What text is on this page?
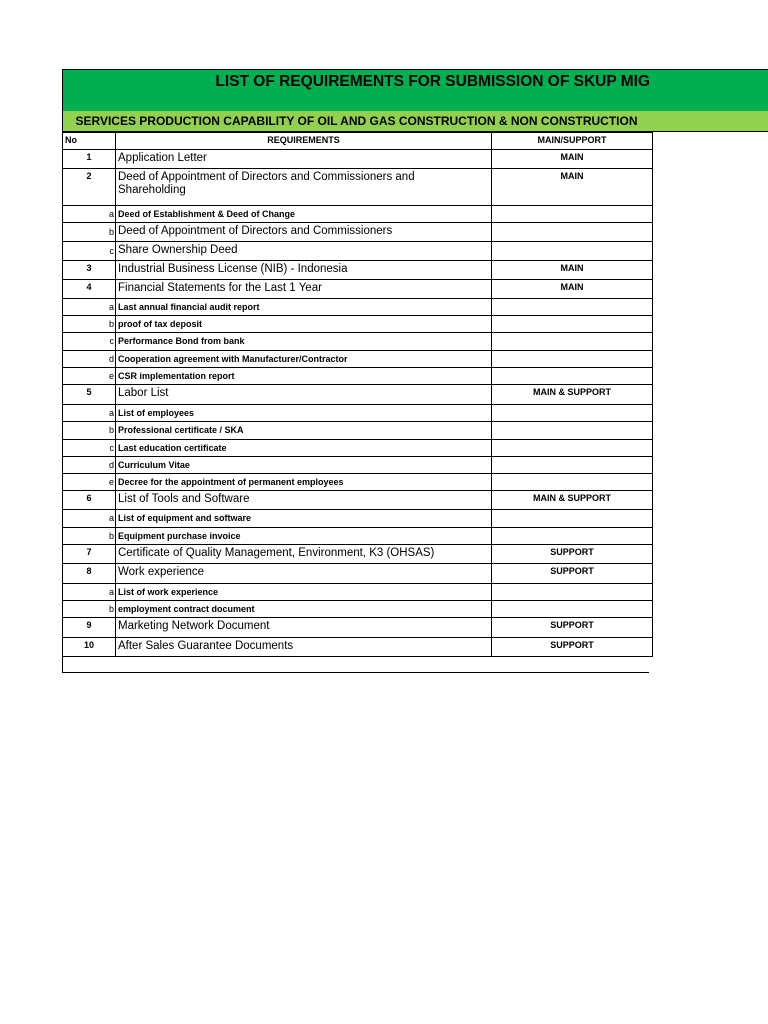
LIST OF REQUIREMENTS FOR SUBMISSION OF SKUP MIG
SERVICES PRODUCTION CAPABILITY OF OIL AND GAS CONSTRUCTION & NON CONSTRUCTION
No	REQUIREMENTS	MAIN/SUPPORT

1	Application Letter	MAIN

2	Deed of Appointment of Directors and Commissioners and Shareholding	MAIN

a	Deed of Establishment & Deed of Change	

b	Deed of Appointment of Directors and Commissioners	

c	Share Ownership Deed	

3	Industrial Business License (NIB) - Indonesia	MAIN

4	Financial Statements for the Last 1 Year	MAIN

a	Last annual financial audit report	

b	proof of tax deposit	

c	Performance Bond from bank	

d	Cooperation agreement with Manufacturer/Contractor	

e	CSR implementation report	

5	Labor List	MAIN & SUPPORT

a	List of employees	

b	Professional certificate / SKA	

c	Last education certificate	

d	Curriculum Vitae	

e	Decree for the appointment of permanent employees	

6	List of Tools and Software	MAIN & SUPPORT

a	List of equipment and software	

b	Equipment purchase invoice	

7	Certificate of Quality Management, Environment, K3 (OHSAS)	SUPPORT

8	Work experience	SUPPORT

a	List of work experience	

b	employment contract document	

9	Marketing Network Document	SUPPORT

10	After Sales Guarantee Documents	SUPPORT
